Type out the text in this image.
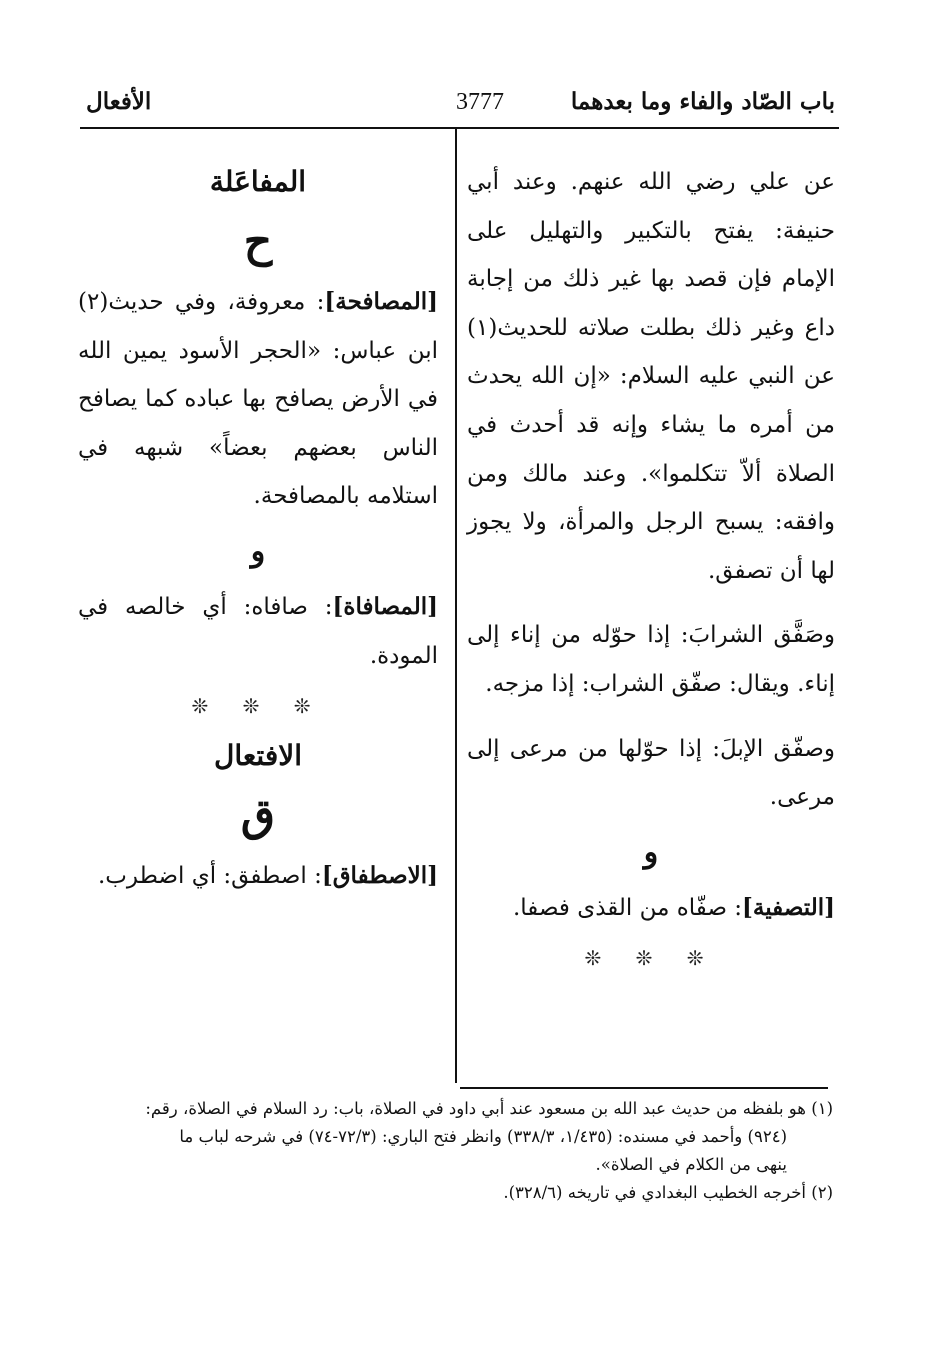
باب الصّاد والفاء وما بعدهما
3777
الأفعال

عن علي رضي الله عنهم. وعند أبي حنيفة: يفتح بالتكبير والتهليل على الإمام فإن قصد بها غير ذلك من إجابة داع وغير ذلك بطلت صلاته للحديث(١) عن النبي عليه السلام: «إن الله يحدث من أمره ما يشاء وإنه قد أحدث في الصلاة ألاّ تتكلموا». وعند مالك ومن وافقه: يسبح الرجل والمرأة، ولا يجوز لها أن تصفق.

وصَفَّق الشرابَ: إذا حوّله من إناء إلى إناء. ويقال: صفّق الشراب: إذا مزجه.

وصفّق الإبلَ: إذا حوّلها من مرعى إلى مرعى.

و

[التصفية]: صفّاه من القذى فصفا.

❊ ❊ ❊
المفاعَلة
ح

[المصافحة]: معروفة، وفي حديث(٢) ابن عباس: «الحجر الأسود يمين الله في الأرض يصافح بها عباده كما يصافح الناس بعضهم بعضاً» شبهه في استلامه بالمصافحة.

و

[المصافاة]: صافاه: أي خالصه في المودة.

❊ ❊ ❊
الافتعال
ق

[الاصطفاق]: اصطفق: أي اضطرب.

(١) هو بلفظه من حديث عبد الله بن مسعود عند أبي داود في الصلاة، باب: رد السلام في الصلاة، رقم:

(٩٢٤) وأحمد في مسنده: (١/٤٣٥، ٣٣٨/٣) وانظر فتح الباري: (٧٢/٣-٧٤) في شرحه لباب ما

ينهى من الكلام في الصلاة».

(٢) أخرجه الخطيب البغدادي في تاريخه (٣٢٨/٦).
